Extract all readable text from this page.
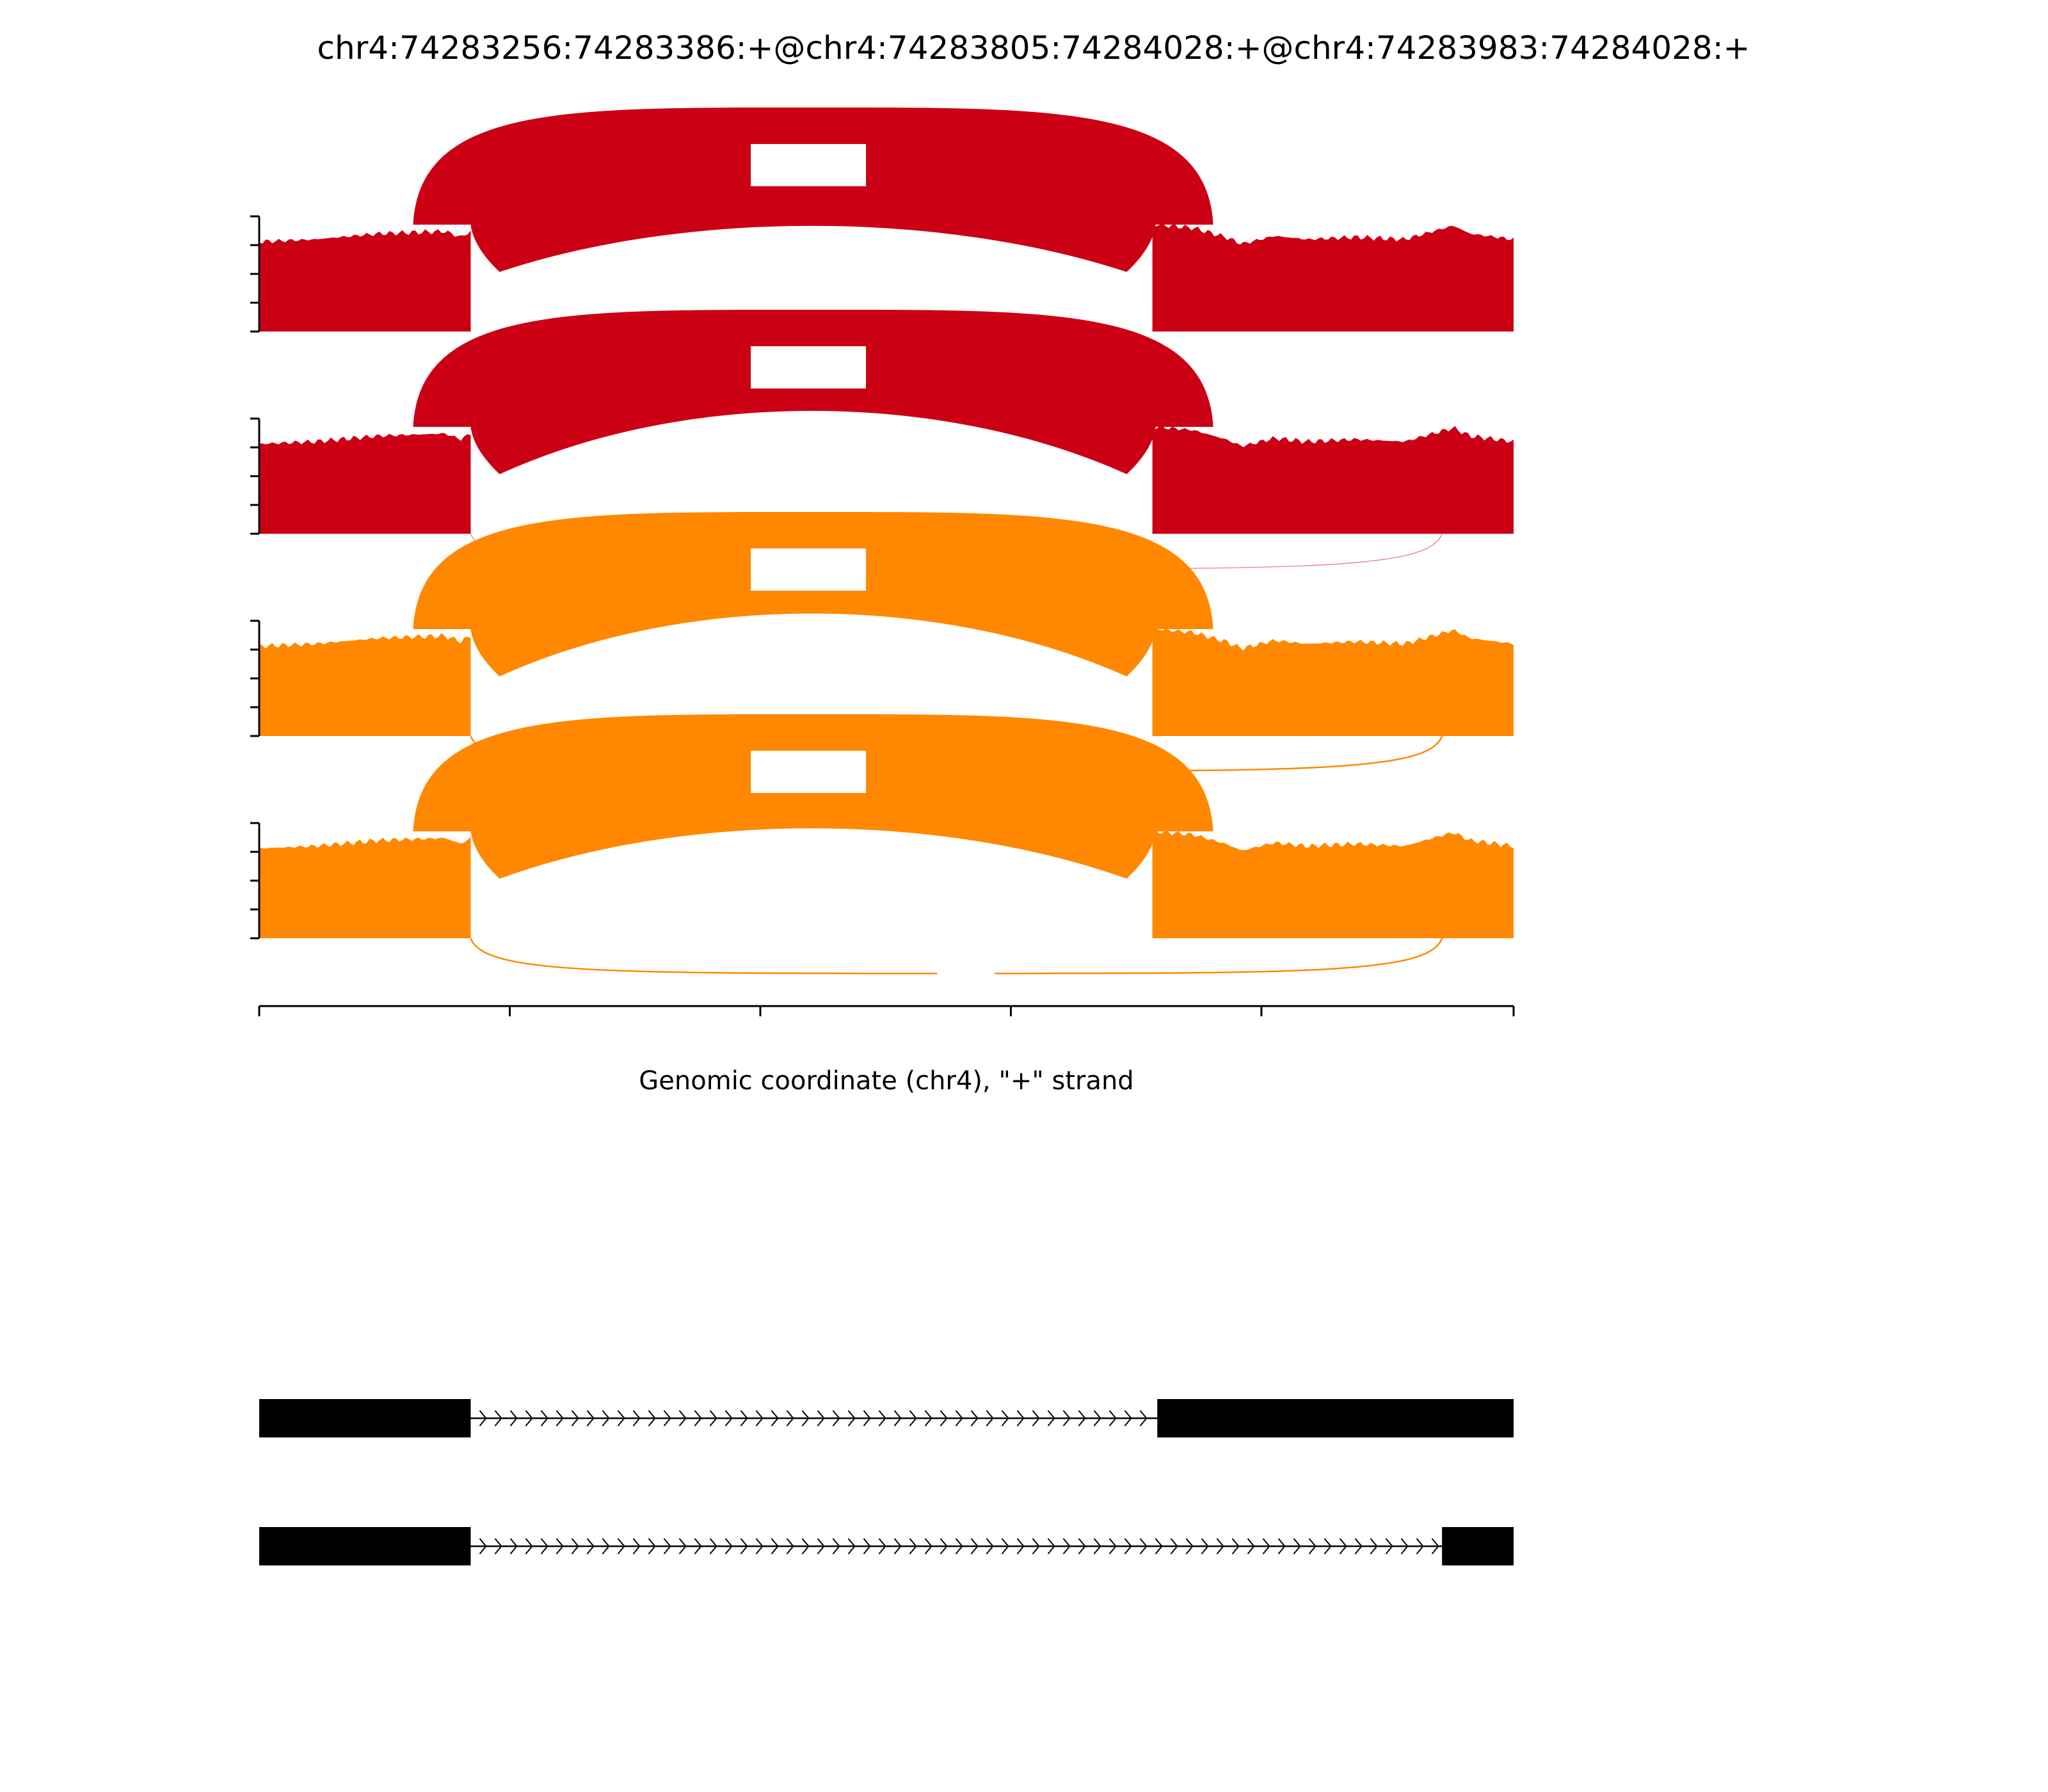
chr4:74283256:74283386:+@chr4:74283805:74284028:+@chr4:74283983:74284028:+
Genomic coordinate (chr4), "+" strand
